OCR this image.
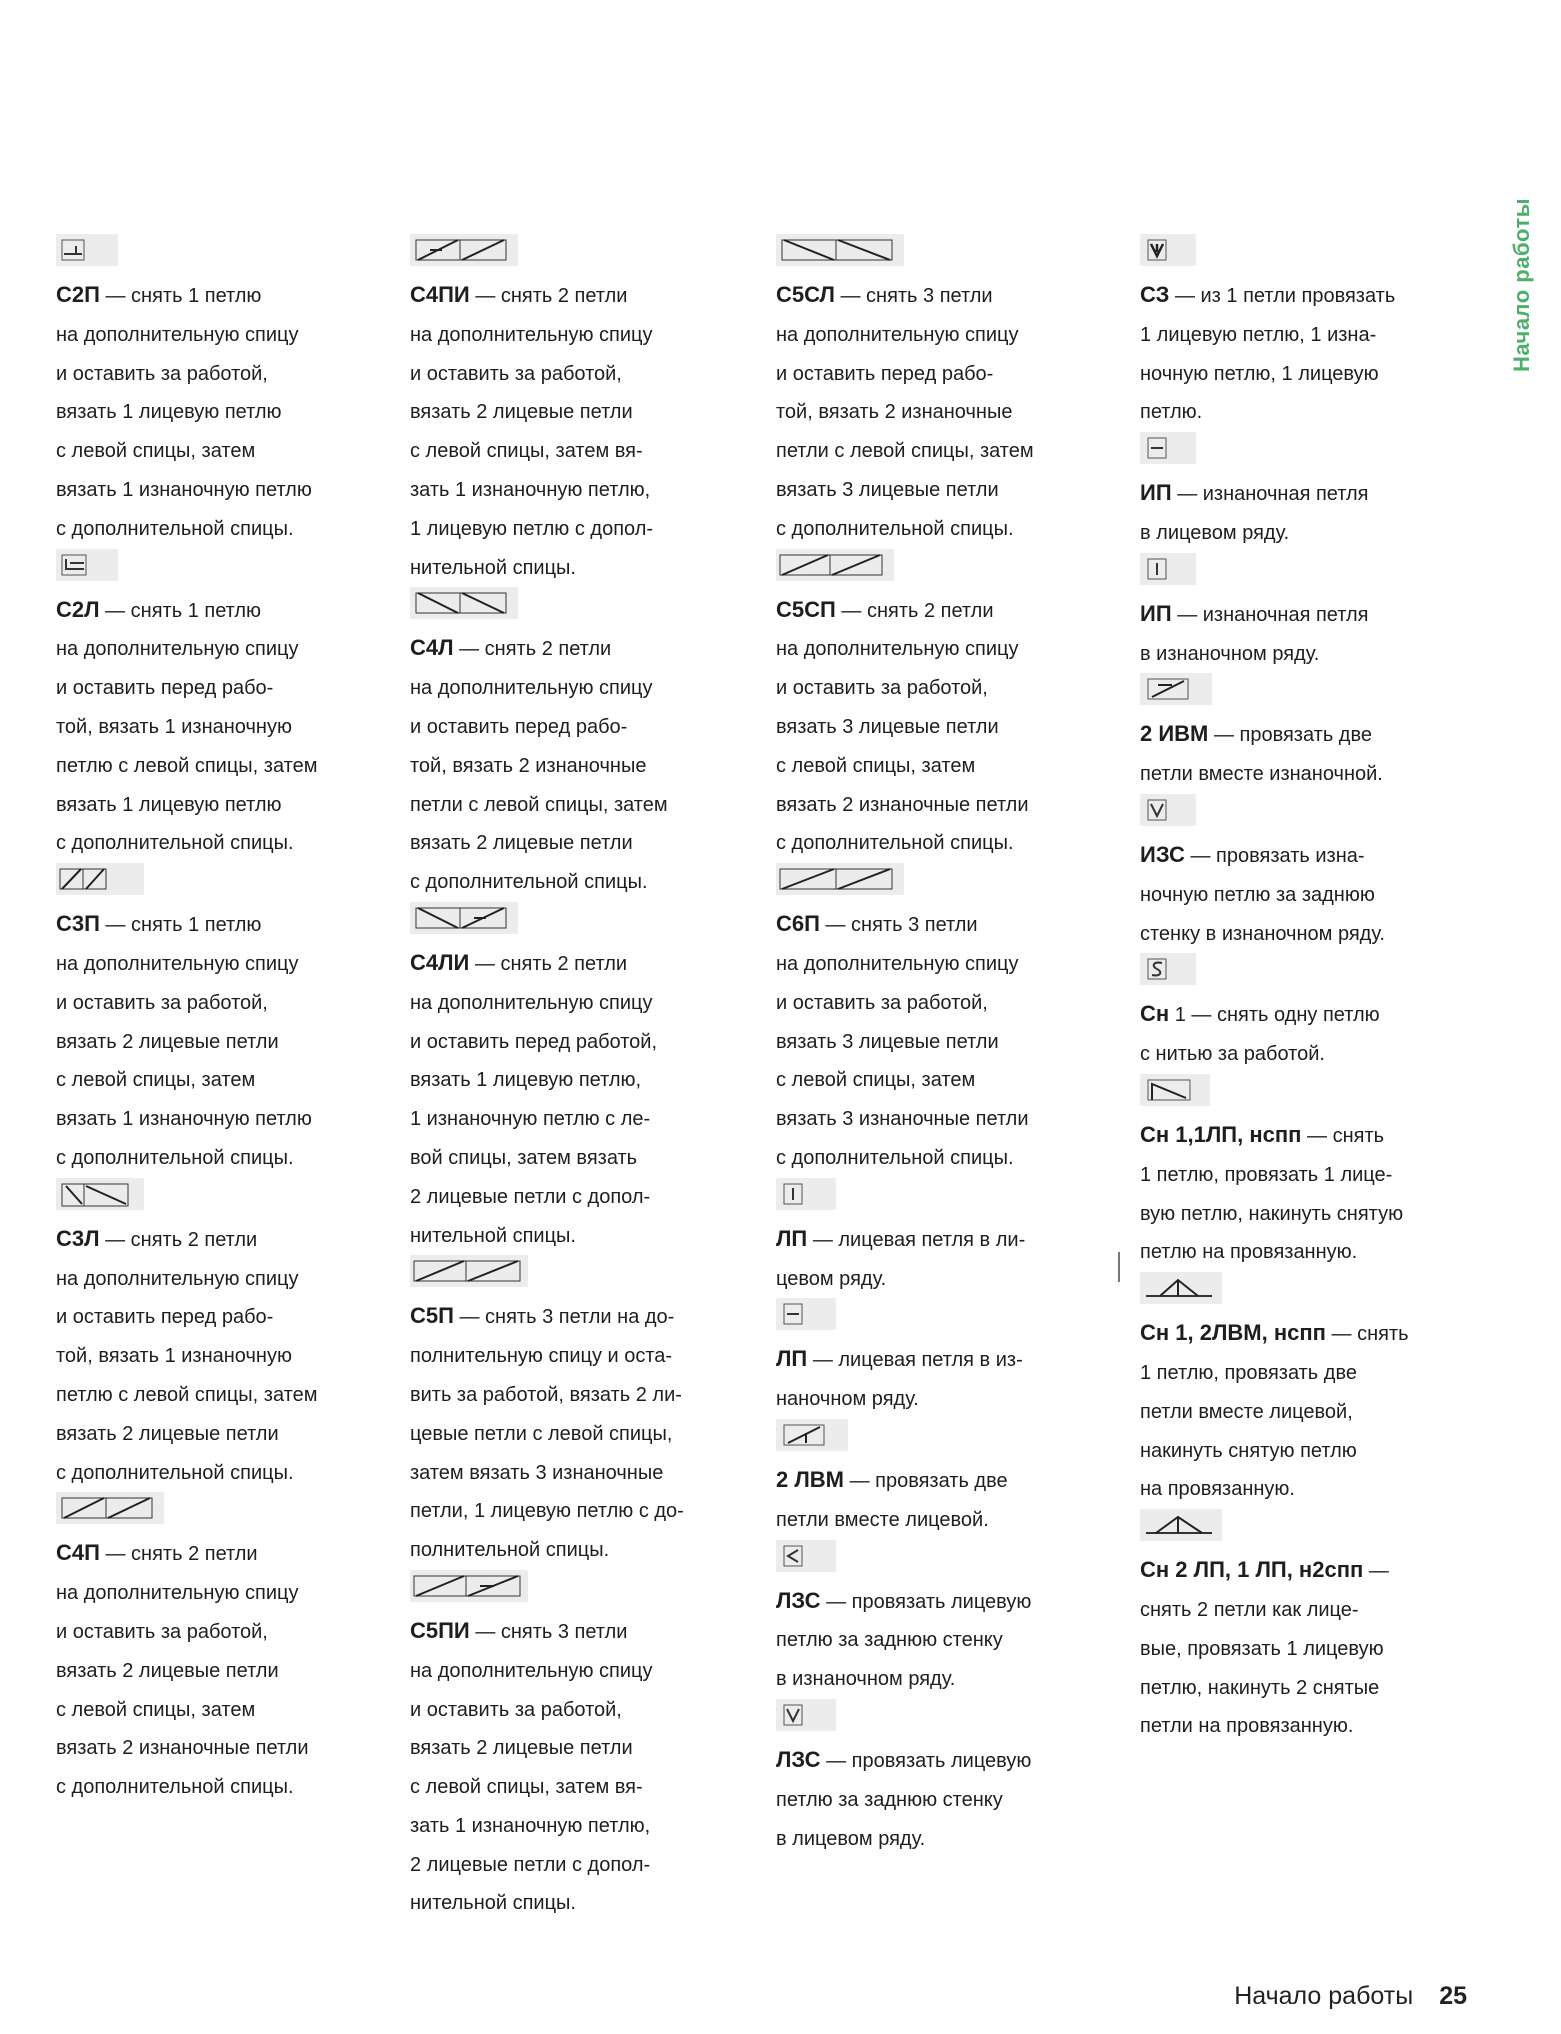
Начало работы
С2П — снять 1 петлю
на дополнительную спицу
и оставить за работой,
вязать 1 лицевую петлю
с левой спицы, затем
вязать 1 изнаночную петлю
с дополнительной спицы.
С2Л — снять 1 петлю
на дополнительную спицу
и оставить перед рабо-
той, вязать 1 изнаночную
петлю с левой спицы, затем
вязать 1 лицевую петлю
с дополнительной спицы.
С3П — снять 1 петлю
на дополнительную спицу
и оставить за работой,
вязать 2 лицевые петли
с левой спицы, затем
вязать 1 изнаночную петлю
с дополнительной спицы.
С3Л — снять 2 петли
на дополнительную спицу
и оставить перед рабо-
той, вязать 1 изнаночную
петлю с левой спицы, затем
вязать 2 лицевые петли
с дополнительной спицы.
С4П — снять 2 петли
на дополнительную спицу
и оставить за работой,
вязать 2 лицевые петли
с левой спицы, затем
вязать 2 изнаночные петли
с дополнительной спицы.
С4ПИ — снять 2 петли
на дополнительную спицу
и оставить за работой,
вязать 2 лицевые петли
с левой спицы, затем вя-
зать 1 изнаночную петлю,
1 лицевую петлю с допол-
нительной спицы.
С4Л — снять 2 петли
на дополнительную спицу
и оставить перед рабо-
той, вязать 2 изнаночные
петли с левой спицы, затем
вязать 2 лицевые петли
с дополнительной спицы.
С4ЛИ — снять 2 петли
на дополнительную спицу
и оставить перед работой,
вязать 1 лицевую петлю,
1 изнаночную петлю с ле-
вой спицы, затем вязать
2 лицевые петли с допол-
нительной спицы.
С5П — снять 3 петли на до-
полнительную спицу и оста-
вить за работой, вязать 2 ли-
цевые петли с левой спицы,
затем вязать 3 изнаночные
петли, 1 лицевую петлю с до-
полнительной спицы.
С5ПИ — снять 3 петли
на дополнительную спицу
и оставить за работой,
вязать 2 лицевые петли
с левой спицы, затем вя-
зать 1 изнаночную петлю,
2 лицевые петли с допол-
нительной спицы.
С5СЛ — снять 3 петли
на дополнительную спицу
и оставить перед рабо-
той, вязать 2 изнаночные
петли с левой спицы, затем
вязать 3 лицевые петли
с дополнительной спицы.
С5СП — снять 2 петли
на дополнительную спицу
и оставить за работой,
вязать 3 лицевые петли
с левой спицы, затем
вязать 2 изнаночные петли
с дополнительной спицы.
С6П — снять 3 петли
на дополнительную спицу
и оставить за работой,
вязать 3 лицевые петли
с левой спицы, затем
вязать 3 изнаночные петли
с дополнительной спицы.
ЛП — лицевая петля в ли-
цевом ряду.
ЛП — лицевая петля в из-
наночном ряду.
2 ЛВМ — провязать две
петли вместе лицевой.
ЛЗС — провязать лицевую
петлю за заднюю стенку
в изнаночном ряду.
ЛЗС — провязать лицевую
петлю за заднюю стенку
в лицевом ряду.
СЗ — из 1 петли провязать
1 лицевую петлю, 1 изна-
ночную петлю, 1 лицевую
петлю.
ИП — изнаночная петля
в лицевом ряду.
ИП — изнаночная петля
в изнаночном ряду.
2 ИВМ — провязать две
петли вместе изнаночной.
ИЗС — провязать изна-
ночную петлю за заднюю
стенку в изнаночном ряду.
Сн 1 — снять одну петлю
с нитью за работой.
Сн 1,1ЛП, нспп — снять
1 петлю, провязать 1 лице-
вую петлю, накинуть снятую
петлю на провязанную.
Сн 1, 2ЛВМ, нспп — снять
1 петлю, провязать две
петли вместе лицевой,
накинуть снятую петлю
на провязанную.
Сн 2 ЛП, 1 ЛП, н2спп —
снять 2 петли как лице-
вые, провязать 1 лицевую
петлю, накинуть 2 снятые
петли на провязанную.
Начало работы 25
